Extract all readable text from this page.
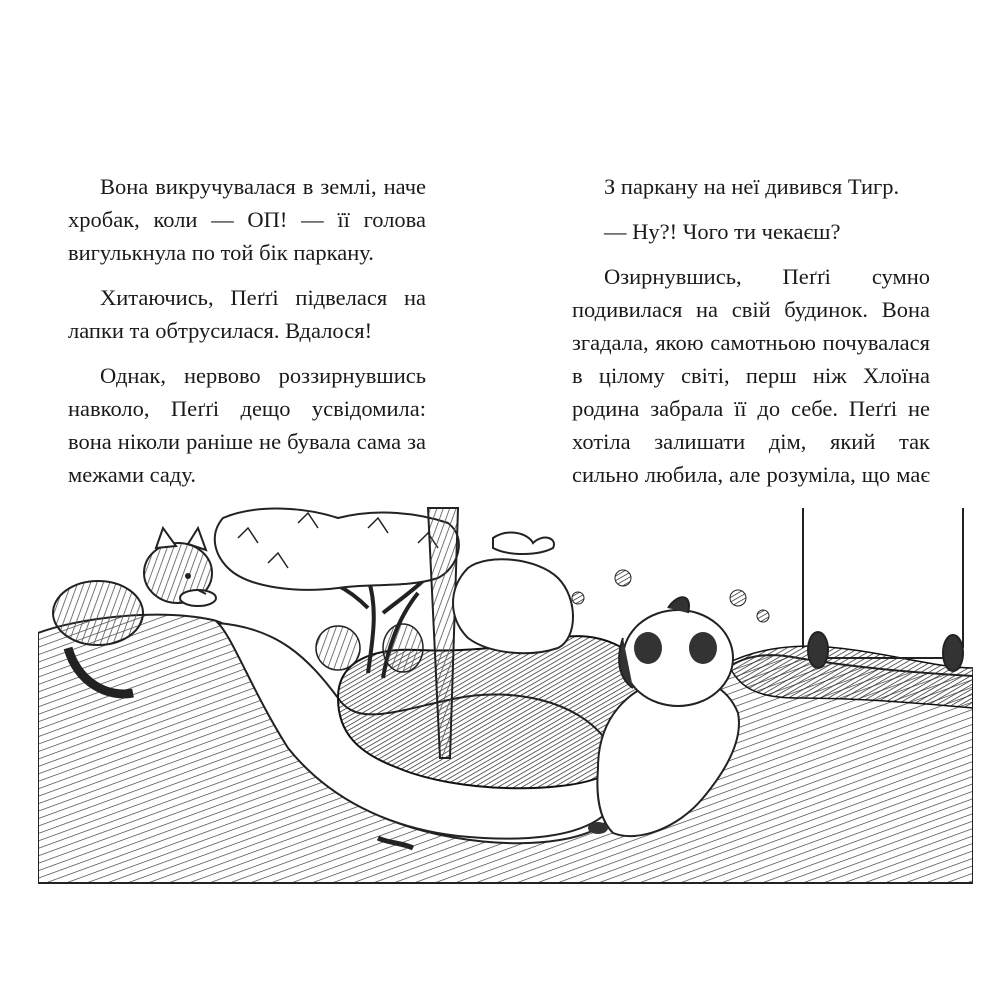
Вона викручувалася в землі, наче хробак, коли — ОП! — її голова вигулькнула по той бік паркану.

Хитаючись, Пеґґі підвелася на лапки та обтрусилася. Вдалося!

Однак, нервово роззирнувшись навколо, Пеґґі дещо усвідомила: вона ніколи раніше не бувала сама за межами саду.

З паркану на неї дивився Тигр.

— Ну?! Чого ти чекаєш?

Озирнувшись, Пеґґі сумно подивилася на свій будинок. Вона згадала, якою самотньою почувалася в цілому світі, перш ніж Хлоїна родина забрала її до себе. Пеґґі не хотіла залишати дім, який так сильно любила, але розуміла, що має
